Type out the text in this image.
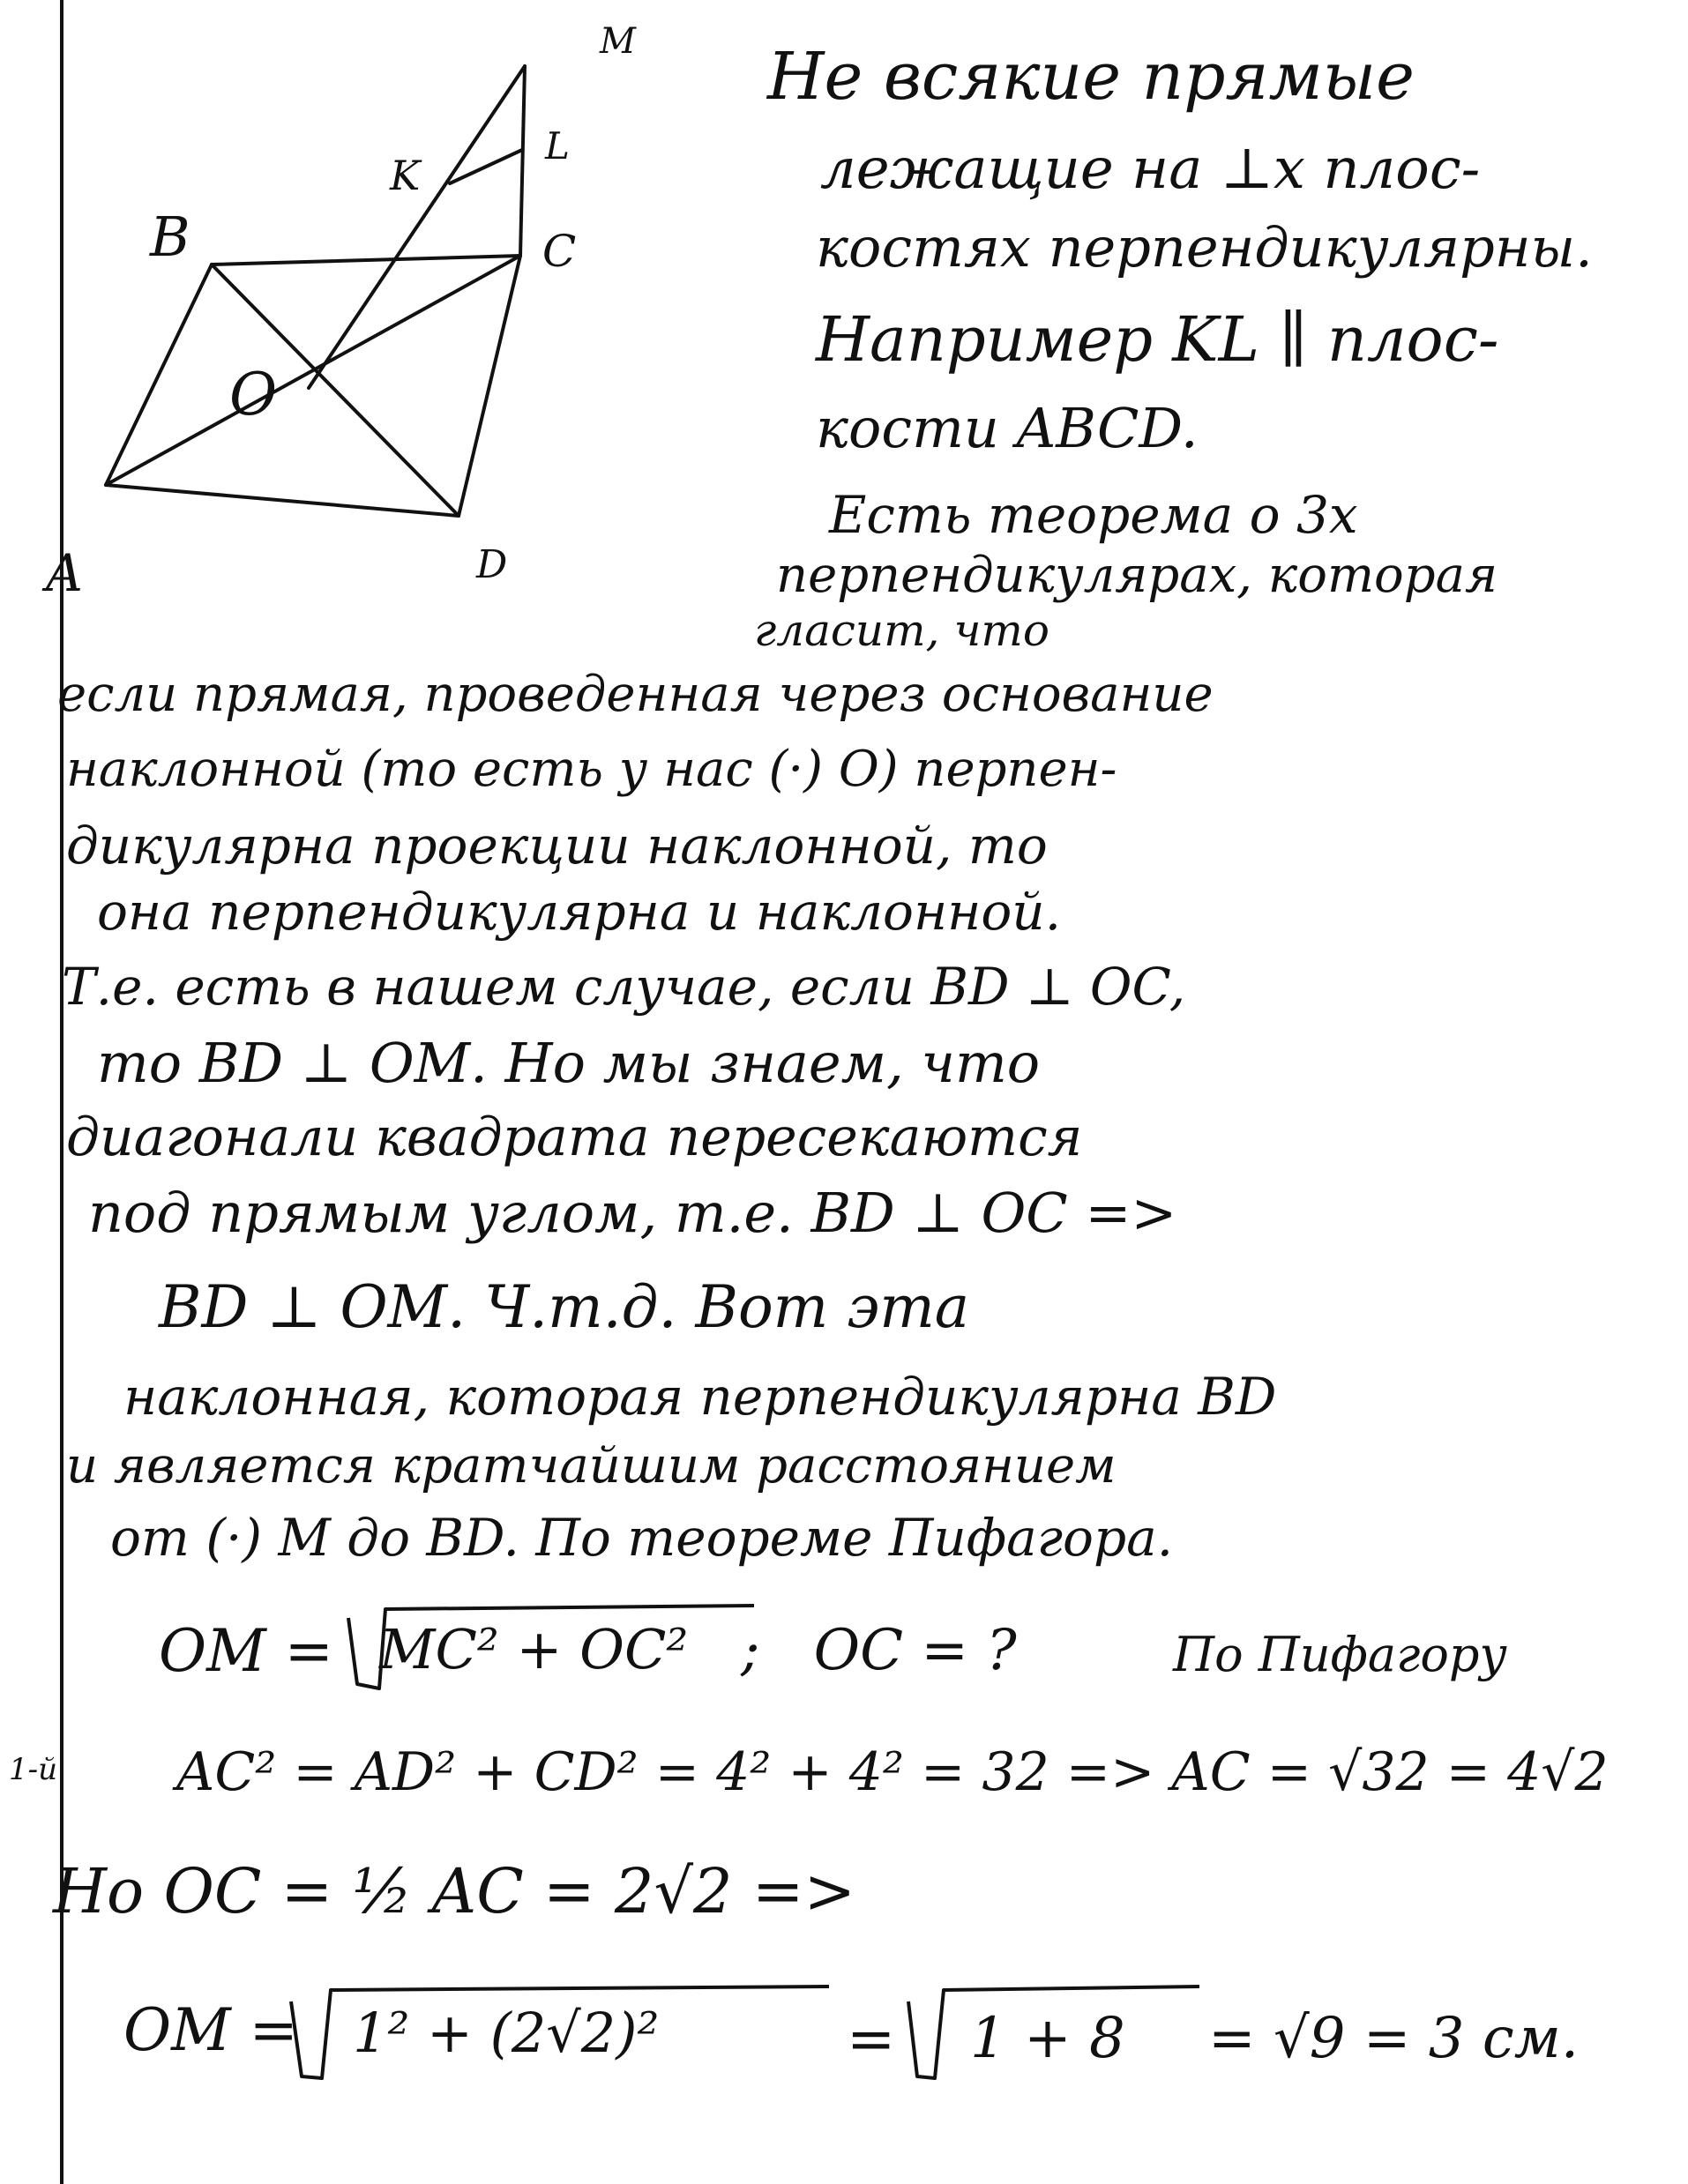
M
K
L
B	C
O
A	D
Не всякие прямые
лежащие на ⊥х плос-
костях перпендикулярны.
Например KL ∥ плос-
кости ABCD.
Есть теорема о 3х
перпендикулярах, которая
гласит, что
если прямая, проведенная через основание
наклонной (то есть у нас (·) O) перпен-
дикулярна проекции наклонной, то
она перпендикулярна и наклонной.
Т.е. есть в нашем случае, если BD ⊥ OC,
то BD ⊥ OM. Но мы знаем, что
диагонали квадрата пересекаются
под прямым углом, т.е. BD ⊥ OC =>
BD ⊥ OM. Ч.т.д. Вот эта
наклонная, которая перпендикулярна BD
и является кратчайшим расстоянием
от (·) M до BD. По теореме Пифагора.
OM = MC² + OC² ;   OC = ?	По Пифагору
1-й AC² = AD² + CD² = 4² + 4² = 32 => AC = √32 = 4√2
Но OC = ½ AC = 2√2 =>
OM = 1² + (2√2)²	= 1 + 8 = √9 = 3 см.
